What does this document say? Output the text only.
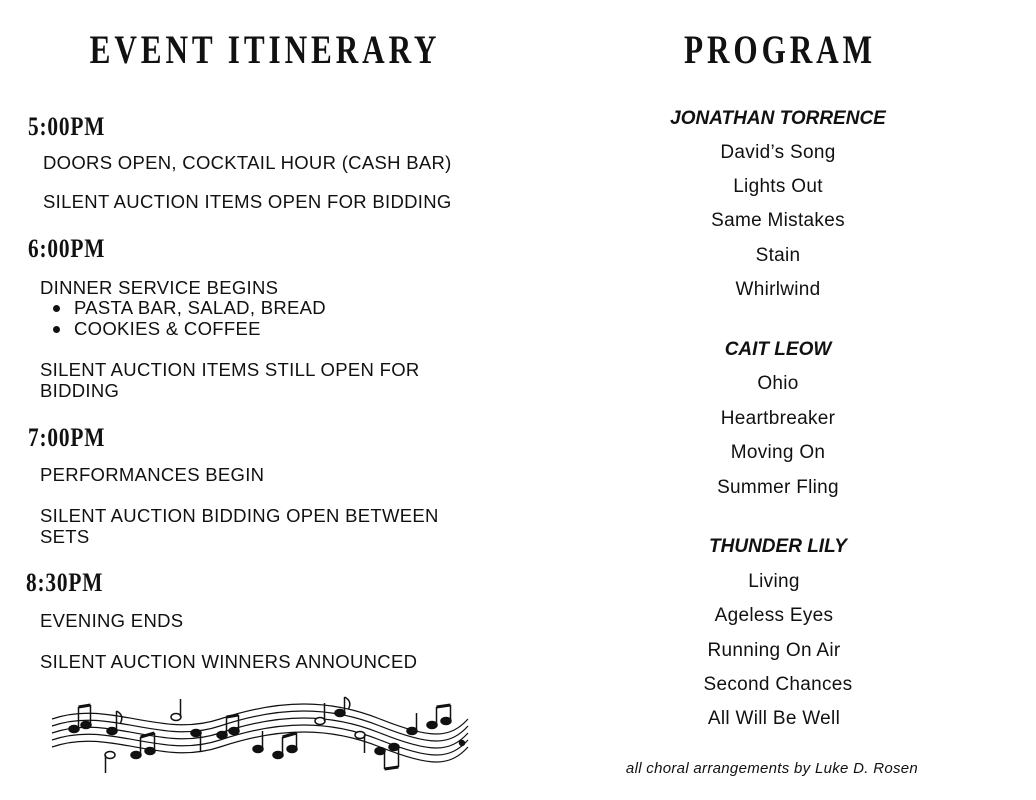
EVENT ITINERARY
5:00PM
DOORS OPEN, COCKTAIL HOUR (CASH BAR)
SILENT AUCTION ITEMS OPEN FOR BIDDING
6:00PM
DINNER SERVICE BEGINS
PASTA BAR, SALAD, BREAD
COOKIES & COFFEE
SILENT AUCTION ITEMS STILL OPEN FOR BIDDING
7:00PM
PERFORMANCES BEGIN
SILENT AUCTION BIDDING OPEN BETWEEN SETS
8:30PM
EVENING ENDS
SILENT AUCTION WINNERS ANNOUNCED
PROGRAM
JONATHAN TORRENCE
David’s Song
Lights Out
Same Mistakes
Stain
Whirlwind
CAIT LEOW
Ohio
Heartbreaker
Moving On
Summer Fling
THUNDER LILY
Living
Ageless Eyes
Running On Air
Second Chances
All Will Be Well
all choral arrangements by Luke D. Rosen
